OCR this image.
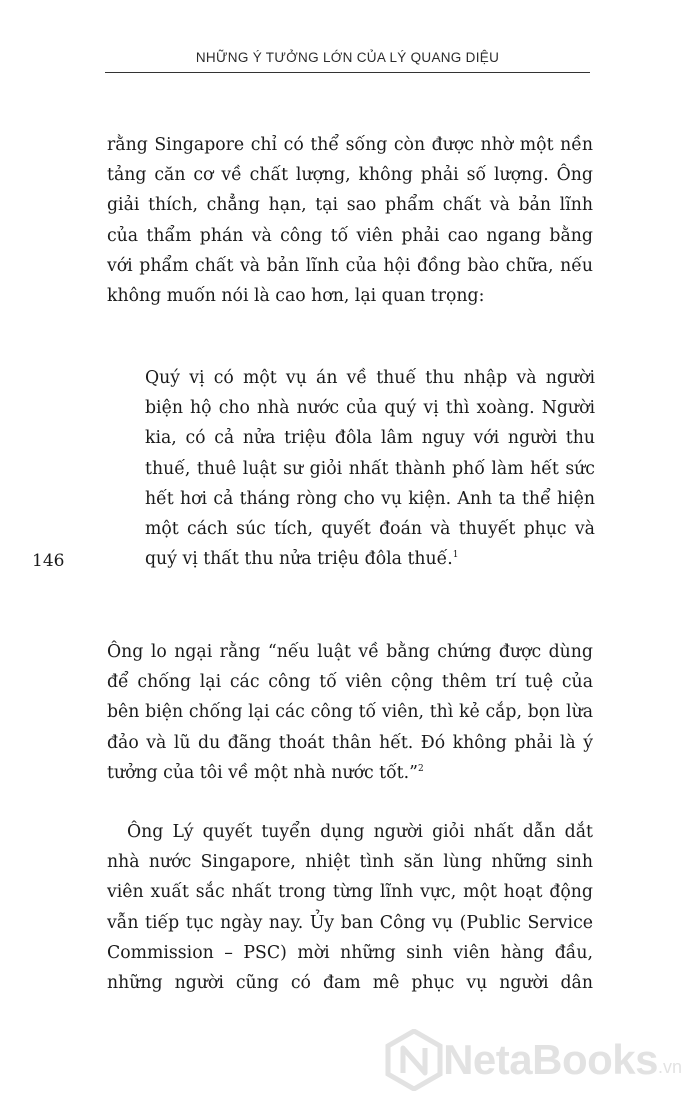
NHỮNG Ý TƯỞNG LỚN CỦA LÝ QUANG DIỆU
146
rằng Singapore chỉ có thể sống còn được nhờ một nền
tảng căn cơ về chất lượng, không phải số lượng. Ông
giải thích, chẳng hạn, tại sao phẩm chất và bản lĩnh
của thẩm phán và công tố viên phải cao ngang bằng
với phẩm chất và bản lĩnh của hội đồng bào chữa, nếu
không muốn nói là cao hơn, lại quan trọng:
Quý vị có một vụ án về thuế thu nhập và người
biện hộ cho nhà nước của quý vị thì xoàng. Người
kia, có cả nửa triệu đôla lâm nguy với người thu
thuế, thuê luật sư giỏi nhất thành phố làm hết sức
hết hơi cả tháng ròng cho vụ kiện. Anh ta thể hiện
một cách súc tích, quyết đoán và thuyết phục và
quý vị thất thu nửa triệu đôla thuế.$^1$
Ông lo ngại rằng “nếu luật về bằng chứng được dùng
để chống lại các công tố viên cộng thêm trí tuệ của
bên biện chống lại các công tố viên, thì kẻ cắp, bọn lừa
đảo và lũ du đãng thoát thân hết. Đó không phải là ý
tưởng của tôi về một nhà nước tốt.”$^2$
Ông Lý quyết tuyển dụng người giỏi nhất dẫn dắt
nhà nước Singapore, nhiệt tình săn lùng những sinh
viên xuất sắc nhất trong từng lĩnh vực, một hoạt động
vẫn tiếp tục ngày nay. Ủy ban Công vụ (Public Service
Commission – PSC) mời những sinh viên hàng đầu,
những người cũng có đam mê phục vụ người dân
NetaBooks .vn
